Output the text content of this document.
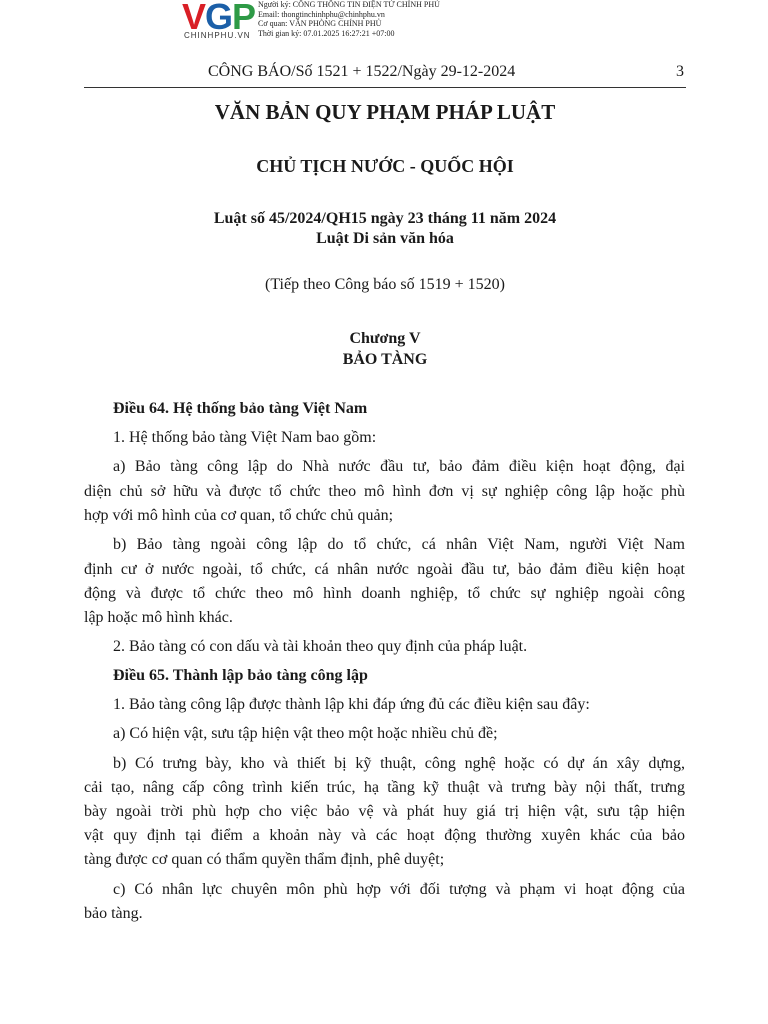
VGP
CHINHPHU.VN
Người ký: CÔNG THÔNG TIN ĐIỆN TỬ CHÍNH PHỦ
Email: thongtinchinhphu@chinhphu.vn
Cơ quan: VĂN PHÒNG CHÍNH PHỦ
Thời gian ký: 07.01.2025 16:27:21 +07:00
CÔNG BÁO/Số 1521 + 1522/Ngày 29-12-2024	3
VĂN BẢN QUY PHẠM PHÁP LUẬT
CHỦ TỊCH NƯỚC - QUỐC HỘI
Luật số 45/2024/QH15 ngày 23 tháng 11 năm 2024
Luật Di sản văn hóa
(Tiếp theo Công báo số 1519 + 1520)
Chương V
BẢO TÀNG
Điều 64. Hệ thống bảo tàng Việt Nam
1. Hệ thống bảo tàng Việt Nam bao gồm:
a) Bảo tàng công lập do Nhà nước đầu tư, bảo đảm điều kiện hoạt động, đại
diện chủ sở hữu và được tổ chức theo mô hình đơn vị sự nghiệp công lập hoặc phù
hợp với mô hình của cơ quan, tổ chức chủ quản;
b) Bảo tàng ngoài công lập do tổ chức, cá nhân Việt Nam, người Việt Nam
định cư ở nước ngoài, tổ chức, cá nhân nước ngoài đầu tư, bảo đảm điều kiện hoạt
động và được tổ chức theo mô hình doanh nghiệp, tổ chức sự nghiệp ngoài công
lập hoặc mô hình khác.
2. Bảo tàng có con dấu và tài khoản theo quy định của pháp luật.
Điều 65. Thành lập bảo tàng công lập
1. Bảo tàng công lập được thành lập khi đáp ứng đủ các điều kiện sau đây:
a) Có hiện vật, sưu tập hiện vật theo một hoặc nhiều chủ đề;
b) Có trưng bày, kho và thiết bị kỹ thuật, công nghệ hoặc có dự án xây dựng,
cải tạo, nâng cấp công trình kiến trúc, hạ tầng kỹ thuật và trưng bày nội thất, trưng
bày ngoài trời phù hợp cho việc bảo vệ và phát huy giá trị hiện vật, sưu tập hiện
vật quy định tại điểm a khoản này và các hoạt động thường xuyên khác của bảo
tàng được cơ quan có thẩm quyền thẩm định, phê duyệt;
c) Có nhân lực chuyên môn phù hợp với đối tượng và phạm vi hoạt động của
bảo tàng.
